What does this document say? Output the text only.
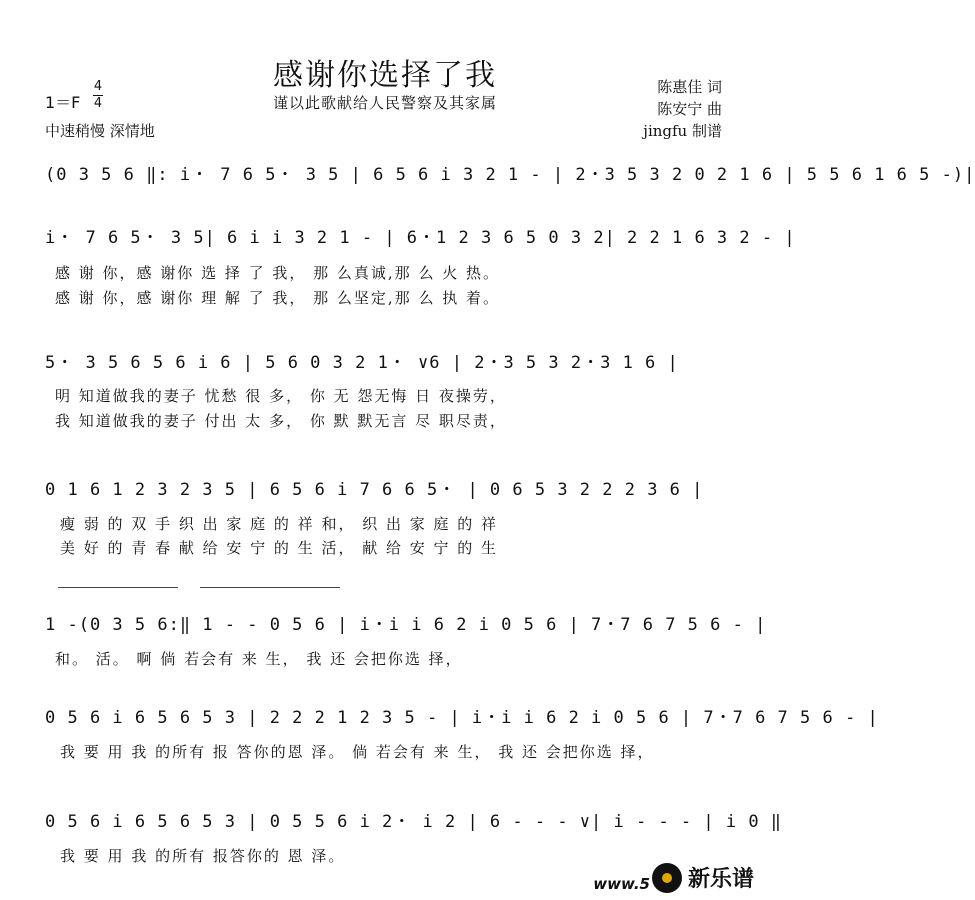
感谢你选择了我
谨以此歌献给人民警察及其家属
1＝F
4
4
中速稍慢 深情地
陈惠佳 词
陈安宁 曲
jingfu 制谱
(0 3 5 6 ‖: i・ 7 6 5・ 3 5 | 6 5 6 i 3 2 1 - | 2・3 5 3 2 0 2 1 6 | 5 5 6 1 6 5 -)|
i・ 7 6 5・ 3 5| 6 i i 3 2 1 - | 6・1 2 3 6 5 0 3 2| 2 2 1 6 3 2 - |
感 谢 你，感 谢你 选 择 了 我， 那 么真诚,那 么 火 热。
感 谢 你，感 谢你 理 解 了 我， 那 么坚定,那 么 执 着。
5・ 3 5 6 5 6 i 6 | 5 6 0 3 2 1・ ∨6 | 2・3 5 3 2・3 1 6 |
明 知道做我的妻子 忧愁 很 多， 你 无 怨无悔 日 夜操劳，
我 知道做我的妻子 付出 太 多， 你 默 默无言 尽 职尽责，
0 1 6 1 2 3 2 3 5 | 6 5 6 i 7 6 6 5・ | 0 6 5 3 2 2 2 3 6 |
瘦 弱 的 双 手 织 出 家 庭 的 祥 和， 织 出 家 庭 的 祥
美 好 的 青 春 献 给 安 宁 的 生 活， 献 给 安 宁 的 生
1 -(0 3 5 6:‖ 1 - - 0 5 6 | i・i i 6 2 i 0 5 6 | 7・7 6 7 5 6 - |
和。 活。 啊 倘 若会有 来 生， 我 还 会把你选 择，
0 5 6 i 6 5 6 5 3 | 2 2 2 1 2 3 5 - | i・i i 6 2 i 0 5 6 | 7・7 6 7 5 6 - |
我 要 用 我 的所有 报 答你的恩 泽。 倘 若会有 来 生， 我 还 会把你选 择，
0 5 6 i 6 5 6 5 3 | 0 5 5 6 i 2・ i 2 | 6 - - - ∨| i - - - | i 0 ‖
我 要 用 我 的所有 报答你的 恩 泽。
www.5 新乐谱
